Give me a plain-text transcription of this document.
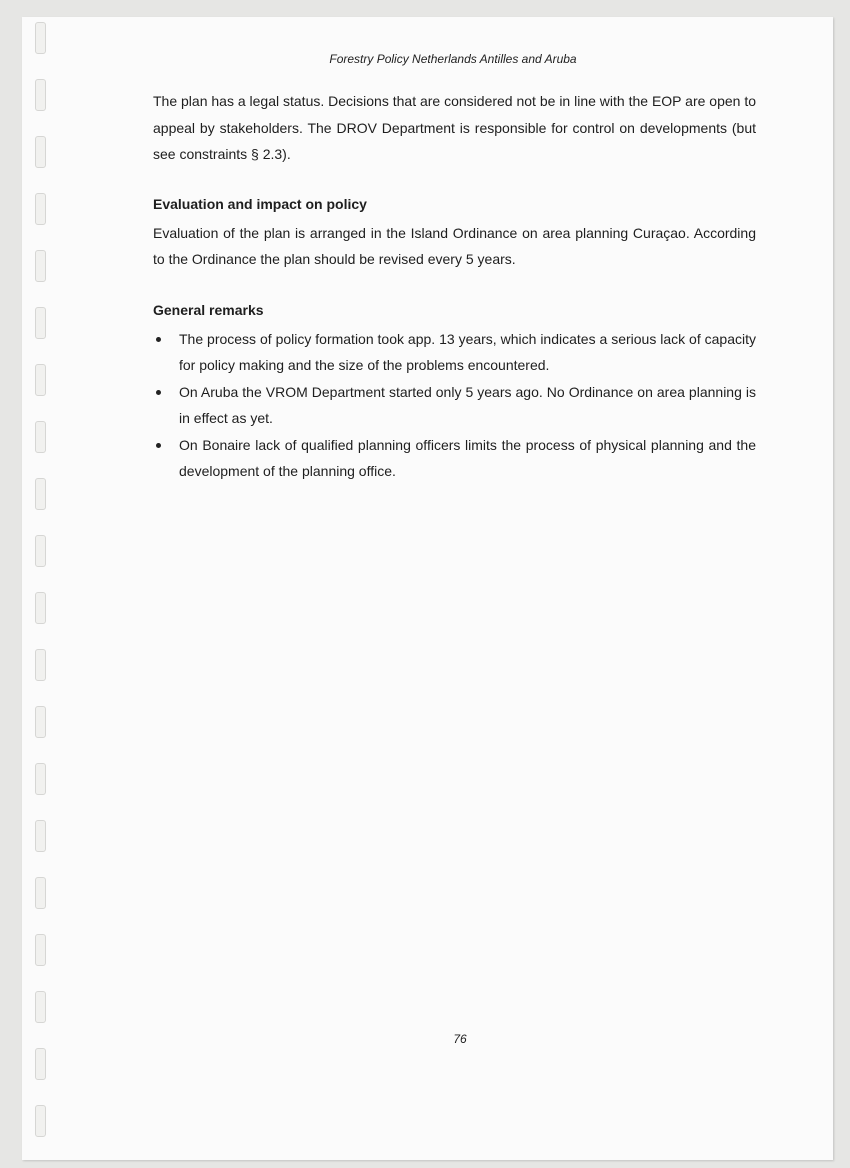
Forestry Policy Netherlands Antilles and Aruba
The plan has a legal status. Decisions that are considered not be in line with the EOP are open to appeal by stakeholders. The DROV Department is responsible for control on developments (but see constraints § 2.3).
Evaluation and impact on policy
Evaluation of the plan is arranged in the Island Ordinance on area planning Curaçao. According to the Ordinance the plan should be revised every 5 years.
General remarks
The process of policy formation took app. 13 years, which indicates a serious lack of capacity for policy making and the size of the problems encountered.
On Aruba the VROM Department started only 5 years ago. No Ordinance on area planning is in effect as yet.
On Bonaire lack of qualified planning officers limits the process of physical planning and the development of the planning office.
76
